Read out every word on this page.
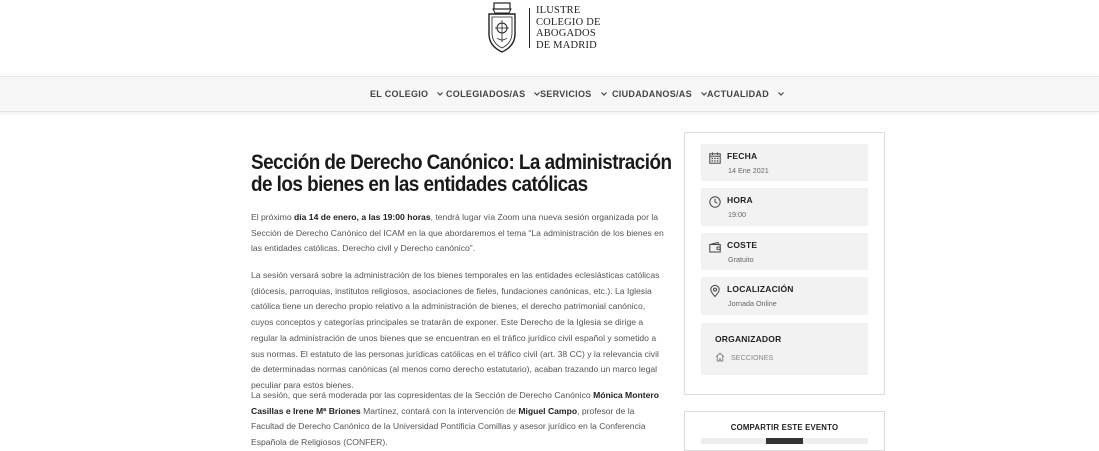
ILUSTRE
COLEGIO DE ABOGADOS
DE MADRID
EL COLEGIO COLEGIADOS/AS SERVICIOS CIUDADANOS/AS ACTUALIDAD
Sección de Derecho Canónico: La administración de los bienes en las entidades católicas

El próximo día 14 de enero, a las 19:00 horas, tendrá lugar vía Zoom una nueva sesión organizada por la Sección de Derecho Canónico del ICAM en la que abordaremos el tema “La administración de los bienes en las entidades católicas. Derecho civil y Derecho canónico”.

La sesión versará sobre la administración de los bienes temporales en las entidades eclesiásticas católicas (diócesis, parroquias, institutos religiosos, asociaciones de fieles, fundaciones canónicas, etc.). La Iglesia católica tiene un derecho propio relativo a la administración de bienes, el derecho patrimonial canónico, cuyos conceptos y categorías principales se tratarán de exponer. Este Derecho de la Iglesia se dirige a regular la administración de unos bienes que se encuentran en el tráfico jurídico civil español y sometido a sus normas. El estatuto de las personas jurídicas católicas en el tráfico civil (art. 38 CC) y la relevancia civil de determinadas normas canónicas (al menos como derecho estatutario), acaban trazando un marco legal peculiar para estos bienes.

La sesión, que será moderada por las copresidentas de la Sección de Derecho Canónico Mónica Montero Casillas e Irene Mª Briones Martínez, contará con la intervención de Miguel Campo, profesor de la Facultad de Derecho Canónico de la Universidad Pontificia Comillas y asesor jurídico en la Conferencia Española de Religiosos (CONFER).

FECHA
14 Ene 2021
HORA
19:00
COSTE
Gratuito
LOCALIZACIÓN
Jornada Online
ORGANIZADOR
SECCIONES
COMPARTIR ESTE EVENTO
